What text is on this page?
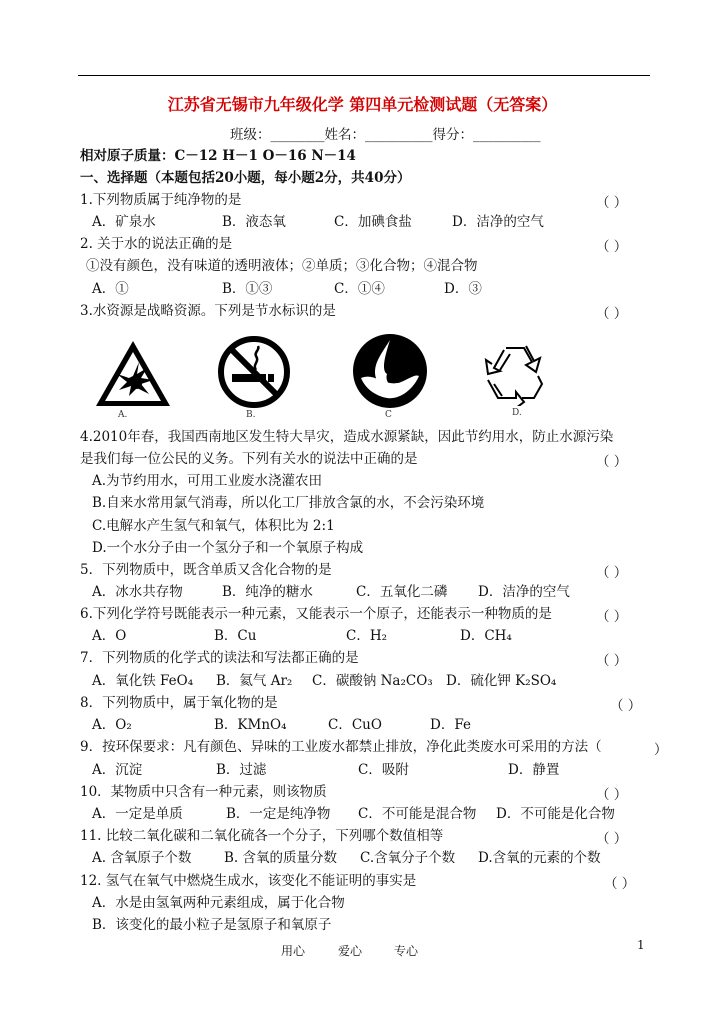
江苏省无锡市九年级化学 第四单元检测试题（无答案）
班级：________姓名：__________得分：__________
相对原子质量：C－12 H－1 O－16 N－14
一、选择题（本题包括20小题，每小题2分，共40分）
1.下列物质属于纯净物的是	（ ）
A．矿泉水	B．液态氧	C．加碘食盐	D．洁净的空气
2. 关于水的说法正确的是	（ ）
①没有颜色，没有味道的透明液体；②单质；③化合物；④混合物
A．①	B．①③	C．①④	D．③
3.水资源是战略资源。下列是节水标识的是	（ ）
A.	B.	C	D.
4.2010年春，我国西南地区发生特大旱灾，造成水源紧缺，因此节约用水，防止水源污染
是我们每一位公民的义务。下列有关水的说法中正确的是	（ ）
A.为节约用水，可用工业废水浇灌农田
B.自来水常用氯气消毒，所以化工厂排放含氯的水，不会污染环境
C.电解水产生氢气和氧气，体积比为 2:1
D.一个水分子由一个氢分子和一个氧原子构成
5．下列物质中，既含单质又含化合物的是	（ ）
A．冰水共存物	B．纯净的糖水	C．五氧化二磷 D．洁净的空气
6.下列化学符号既能表示一种元素，又能表示一个原子，还能表示一种物质的是	（ ）
A．O	B．Cu	C．H₂	D．CH₄
7．下列物质的化学式的读法和写法都正确的是	（ ）
A．氧化铁 FeO₄ B．氦气 Ar₂ C．碳酸钠 Na₂CO₃ D．硫化钾 K₂SO₄
8．下列物质中，属于氧化物的是	（ ）
A．O₂	B．KMnO₄	C．CuO	D．Fe
9．按环保要求：凡有颜色、异味的工业废水都禁止排放，净化此类废水可采用的方法（	）
A．沉淀	B．过滤	C．吸附	D．静置
10．某物质中只含有一种元素，则该物质	（ ）
A．一定是单质	B．一定是纯净物 C．不可能是混合物 D．不可能是化合物
11. 比较二氧化碳和二氧化硫各一个分子，下列哪个数值相等	（ ）
A. 含氧原子个数 B. 含氧的质量分数 C.含氧分子个数 D.含氧的元素的个数
12. 氢气在氧气中燃烧生成水，该变化不能证明的事实是	（ ）
A．水是由氢氧两种元素组成，属于化合物
B．该变化的最小粒子是氢原子和氧原子
用心	爱心	专心	1
